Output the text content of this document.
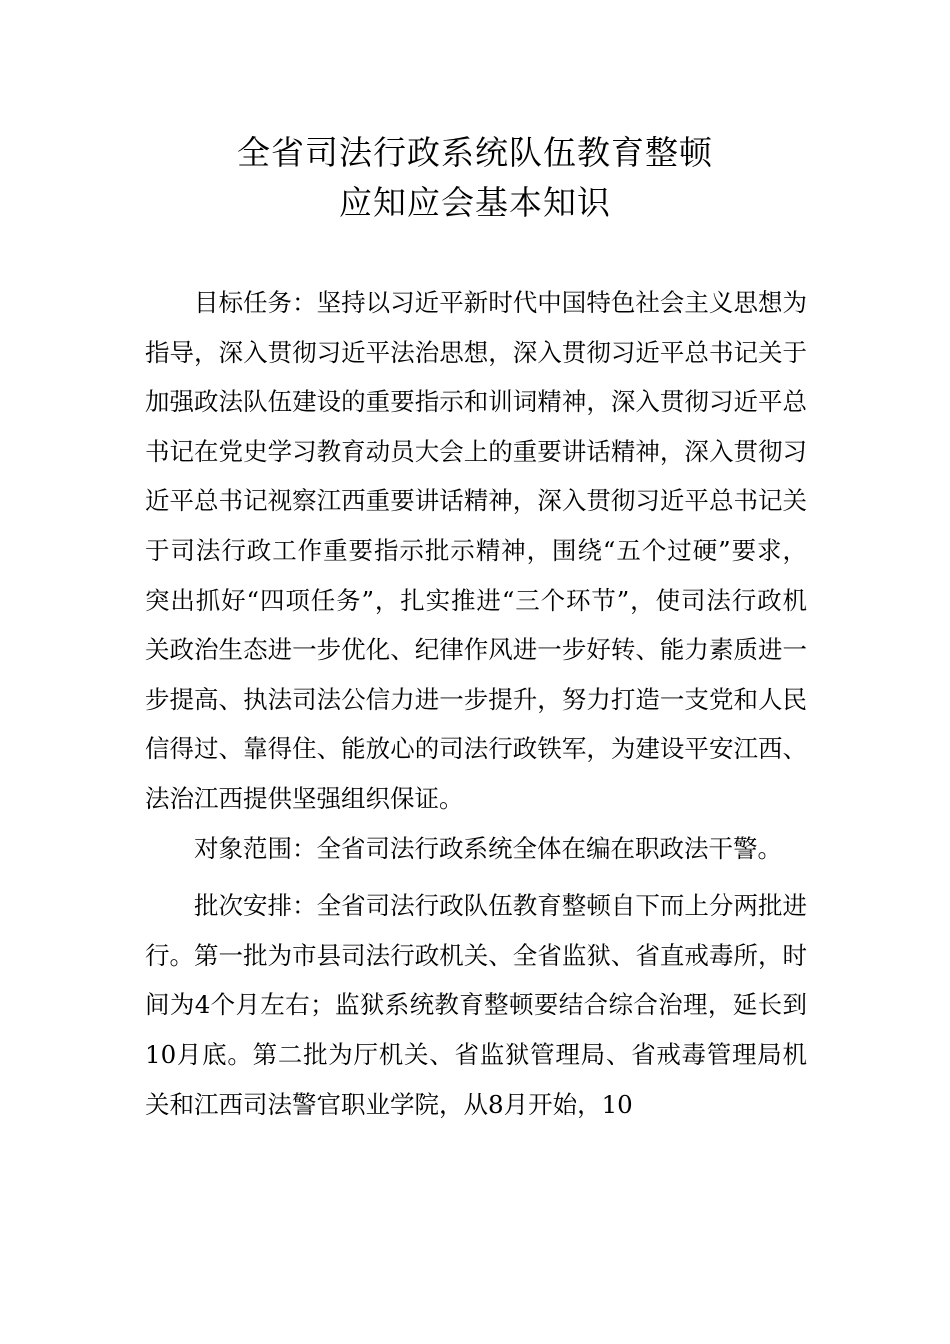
全省司法行政系统队伍教育整顿
应知应会基本知识

目标任务：坚持以习近平新时代中国特色社会主义思想为指导，深入贯彻习近平法治思想，深入贯彻习近平总书记关于加强政法队伍建设的重要指示和训词精神，深入贯彻习近平总书记在党史学习教育动员大会上的重要讲话精神，深入贯彻习近平总书记视察江西重要讲话精神，深入贯彻习近平总书记关于司法行政工作重要指示批示精神，围绕“五个过硬”要求，突出抓好“四项任务”，扎实推进“三个环节”，使司法行政机关政治生态进一步优化、纪律作风进一步好转、能力素质进一步提高、执法司法公信力进一步提升，努力打造一支党和人民信得过、靠得住、能放心的司法行政铁军，为建设平安江西、法治江西提供坚强组织保证。

对象范围：全省司法行政系统全体在编在职政法干警。

批次安排：全省司法行政队伍教育整顿自下而上分两批进行。第一批为市县司法行政机关、全省监狱、省直戒毒所，时间为4个月左右；监狱系统教育整顿要结合综合治理，延长到10月底。第二批为厅机关、省监狱管理局、省戒毒管理局机关和江西司法警官职业学院，从8月开始，10
